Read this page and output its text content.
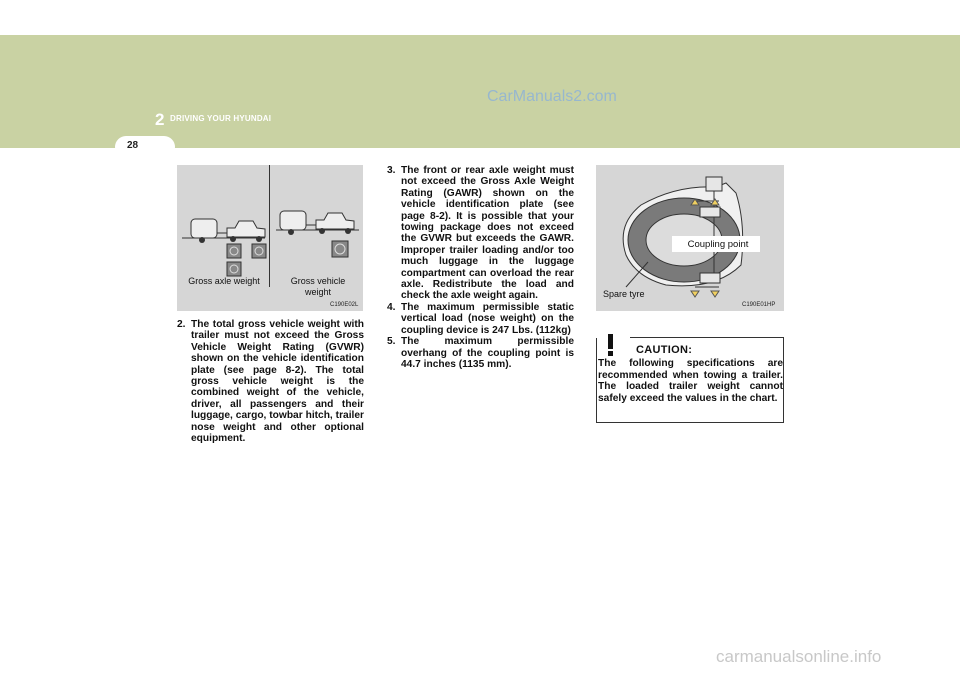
2 DRIVING YOUR HYUNDAI
CarManuals2.com
28
Gross axle weight	Gross vehicle weight
C190E02L
Coupling point
Spare tyre
C190E01HP
2. The total gross vehicle weight with trailer must not exceed the Gross Vehicle Weight Rating (GVWR) shown on the vehicle identification plate (see page 8-2). The total gross vehicle weight is the combined weight of the vehicle, driver, all passengers and their luggage, cargo, towbar hitch, trailer nose weight and other optional equipment.
3. The front or rear axle weight must not exceed the Gross Axle Weight Rating (GAWR) shown on the vehicle identification plate (see page 8-2). It is possible that your towing package does not exceed the GVWR but exceeds the GAWR. Improper trailer loading and/or too much luggage in the luggage compartment can overload the rear axle. Redistribute the load and check the axle weight again.
4. The maximum permissible static vertical load (nose weight) on the coupling device is 247 Lbs. (112kg)
5. The maximum permissible overhang of the coupling point is 44.7 inches (1135 mm).
CAUTION:
The following specifications are recommended when towing a trailer. The loaded trailer weight cannot safely exceed the values in the chart.
carmanualsonline.info
